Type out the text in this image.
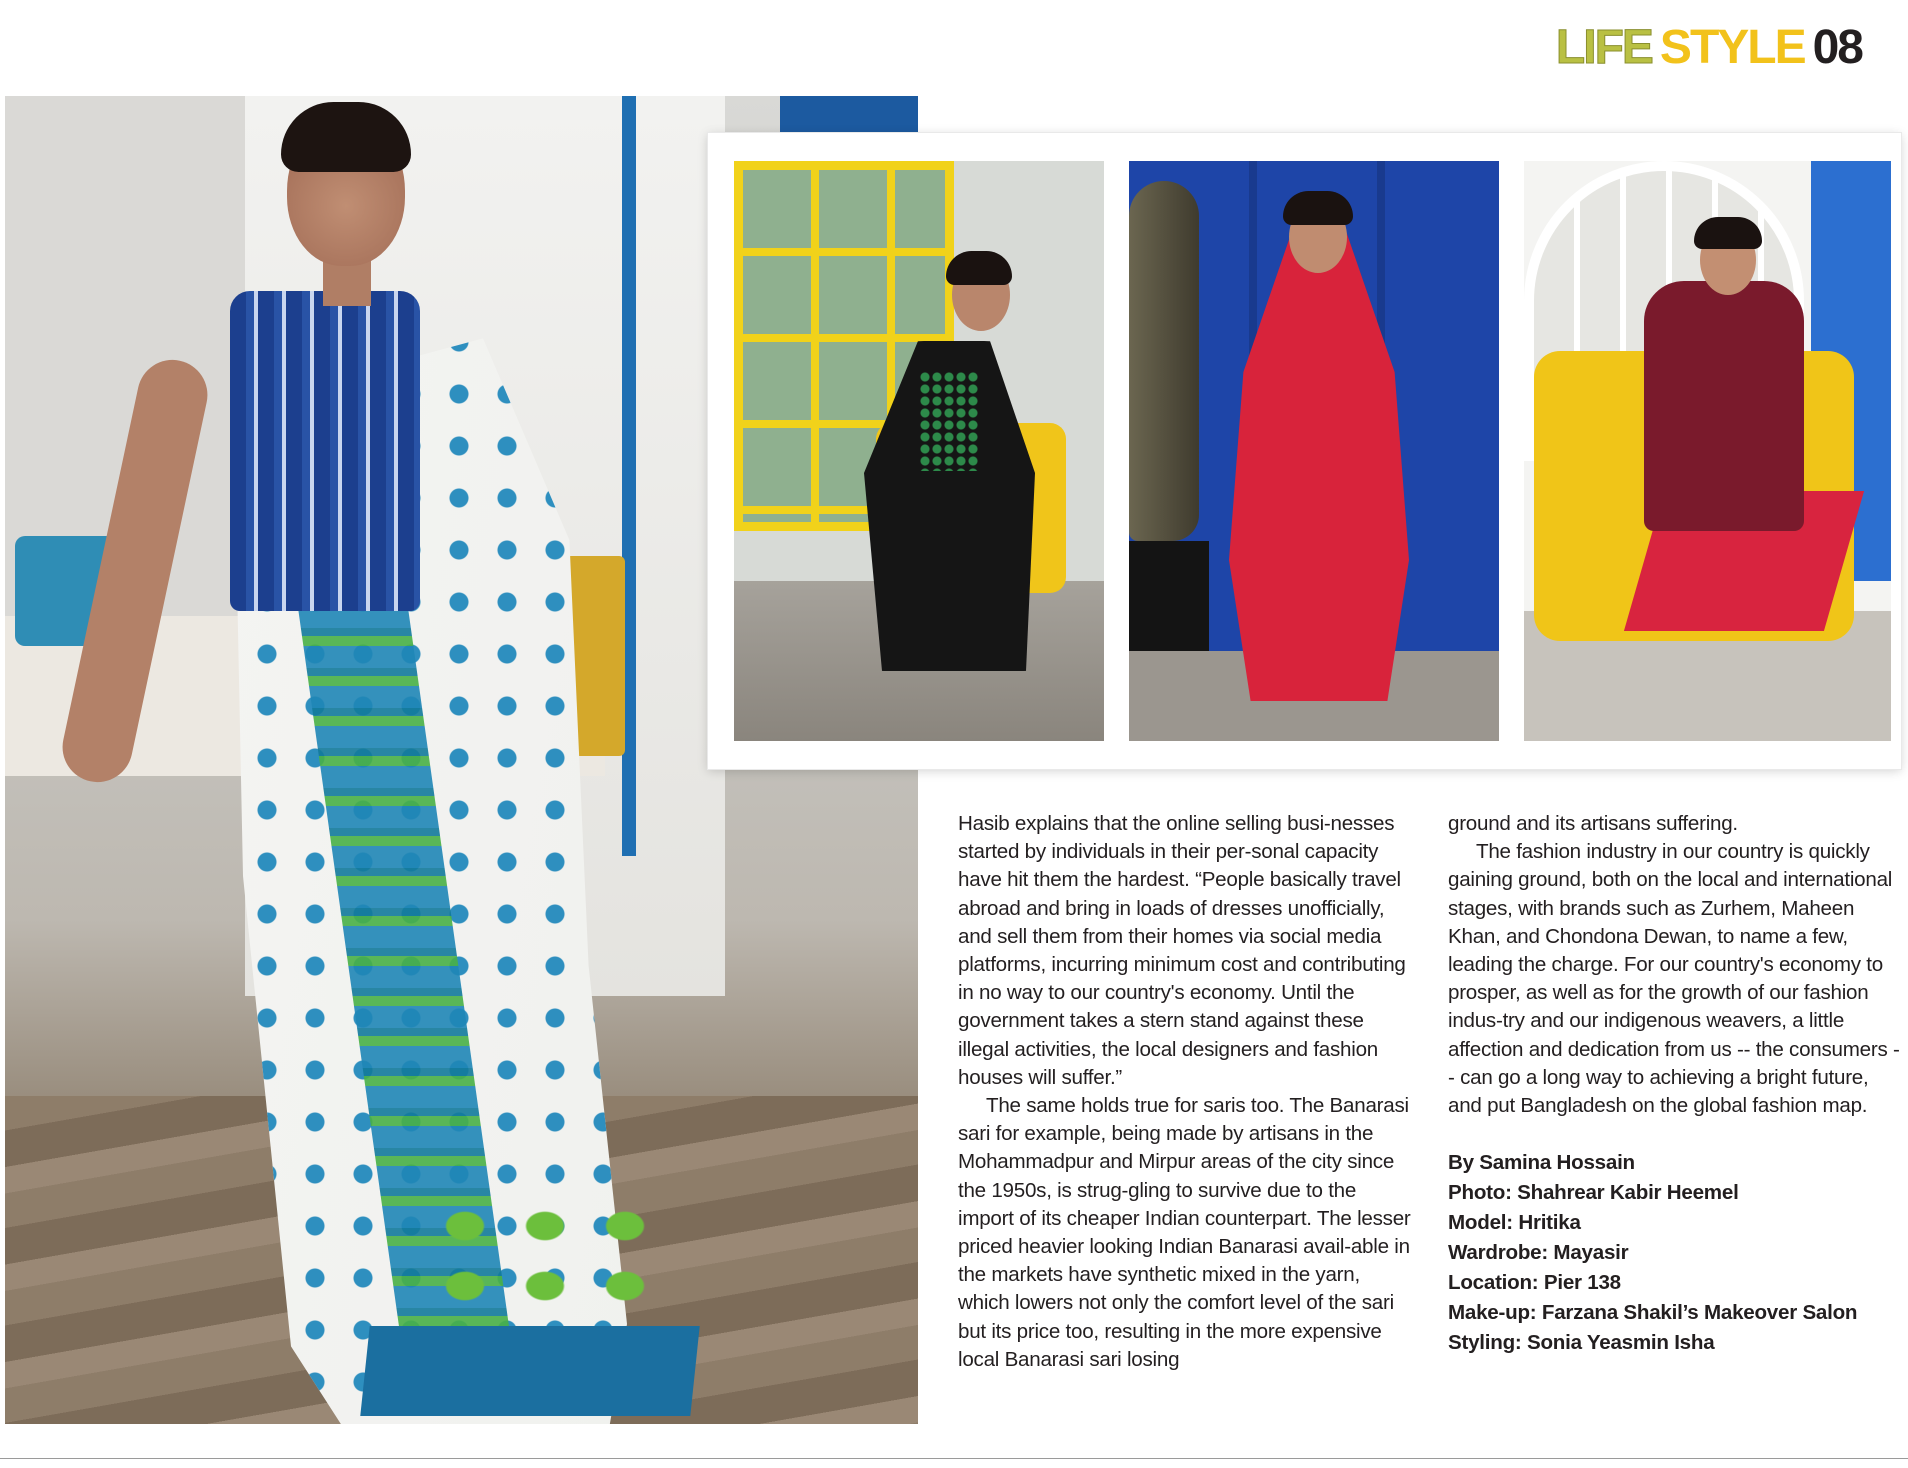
LIFE STYLE 08

Hasib explains that the online selling busi-nesses started by individuals in their per-sonal capacity have hit them the hardest. “People basically travel abroad and bring in loads of dresses unofficially, and sell them from their homes via social media platforms, incurring minimum cost and contributing in no way to our country's economy. Until the government takes a stern stand against these illegal activities, the local designers and fashion houses will suffer.”

The same holds true for saris too. The Banarasi sari for example, being made by artisans in the Mohammadpur and Mirpur areas of the city since the 1950s, is strug-gling to survive due to the import of its cheaper Indian counterpart. The lesser priced heavier looking Indian Banarasi avail-able in the markets have synthetic mixed in the yarn, which lowers not only the comfort level of the sari but its price too, resulting in the more expensive local Banarasi sari losing

ground and its artisans suffering.

The fashion industry in our country is quickly gaining ground, both on the local and international stages, with brands such as Zurhem, Maheen Khan, and Chondona Dewan, to name a few, leading the charge. For our country's economy to prosper, as well as for the growth of our fashion indus-try and our indigenous weavers, a little affection and dedication from us -- the consumers -- can go a long way to achieving a bright future, and put Bangladesh on the global fashion map.

By Samina Hossain
Photo: Shahrear Kabir Heemel
Model: Hritika
Wardrobe: Mayasir
Location: Pier 138
Make-up: Farzana Shakil’s Makeover Salon
Styling: Sonia Yeasmin Isha
